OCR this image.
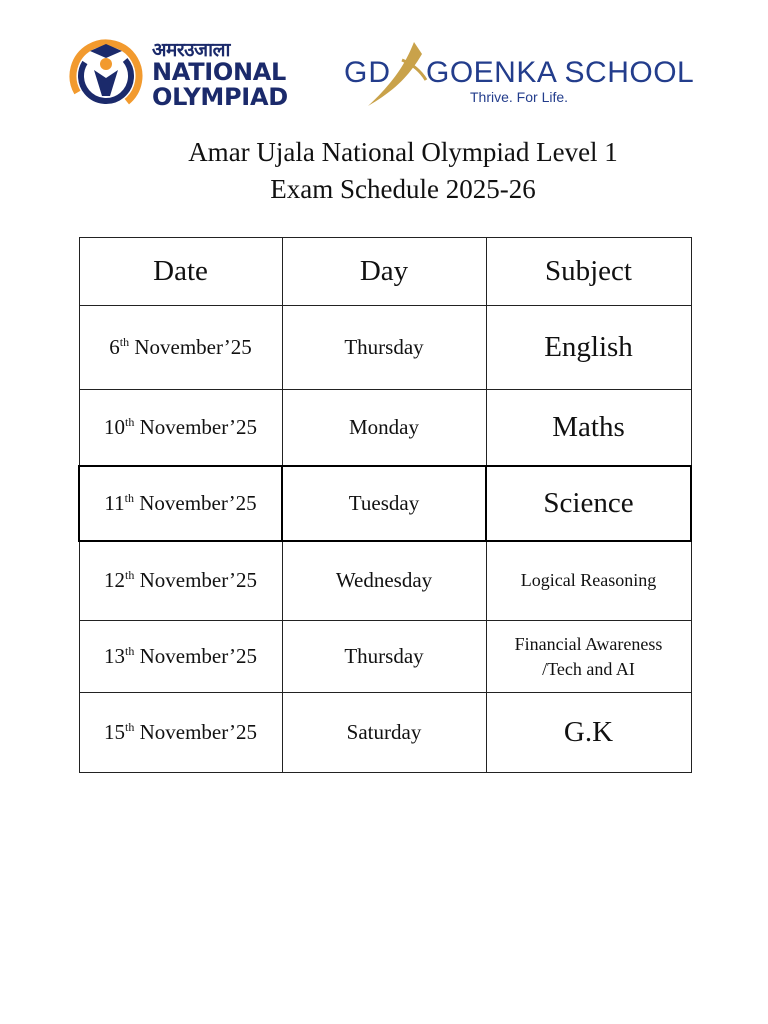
अमरउजाला
NATIONAL
OLYMPIAD
GD GOENKA SCHOOL
Thrive. For Life.
Amar Ujala National Olympiad Level 1
Exam Schedule 2025-26
Date	Day	Subject
6th November’25	Thursday	English
10th November’25	Monday	Maths
11th November’25	Tuesday	Science
12th November’25	Wednesday	Logical Reasoning
13th November’25	Thursday	Financial Awareness /Tech and AI
15th November’25	Saturday	G.K
